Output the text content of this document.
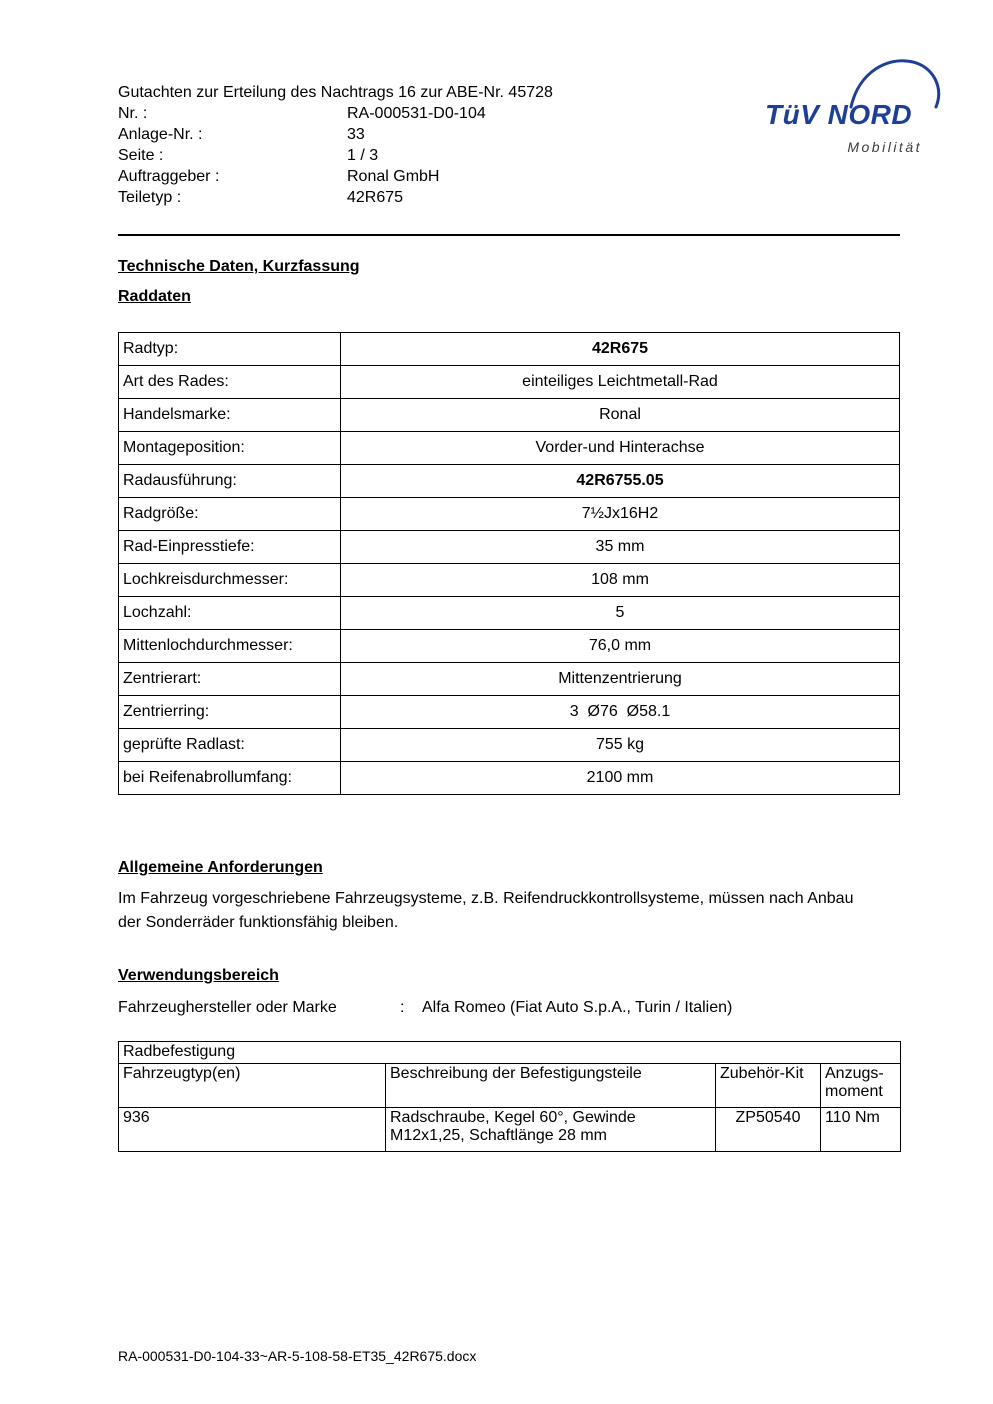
TüV NORD
Mobilität
Gutachten zur Erteilung des Nachtrags 16 zur ABE-Nr. 45728
Nr. :	RA-000531-D0-104
Anlage-Nr. :	33
Seite :	1 / 3
Auftraggeber :	Ronal GmbH
Teiletyp :	42R675
Technische Daten, Kurzfassung
Raddaten
Radtyp:	42R675
Art des Rades:	einteiliges Leichtmetall-Rad
Handelsmarke:	Ronal
Montageposition:	Vorder-und Hinterachse
Radausführung:	42R6755.05
Radgröße:	7½Jx16H2
Rad-Einpresstiefe:	35 mm
Lochkreisdurchmesser:	108 mm
Lochzahl:	5
Mittenlochdurchmesser:	76,0 mm
Zentrierart:	Mittenzentrierung
Zentrierring:	3  Ø76  Ø58.1
geprüfte Radlast:	755 kg
bei Reifenabrollumfang:	2100 mm
Allgemeine Anforderungen
Im Fahrzeug vorgeschriebene Fahrzeugsysteme, z.B. Reifendruckkontrollsysteme, müssen nach Anbau der Sonderräder funktionsfähig bleiben.
Verwendungsbereich
Fahrzeughersteller oder Marke	:	Alfa Romeo (Fiat Auto S.p.A., Turin / Italien)
Radbefestigung			
Fahrzeugtyp(en)	Beschreibung der Befestigungsteile	Zubehör-Kit	Anzugs-moment
936	Radschraube, Kegel 60°, Gewinde M12x1,25, Schaftlänge 28 mm	ZP50540	110 Nm
RA-000531-D0-104-33~AR-5-108-58-ET35_42R675.docx
